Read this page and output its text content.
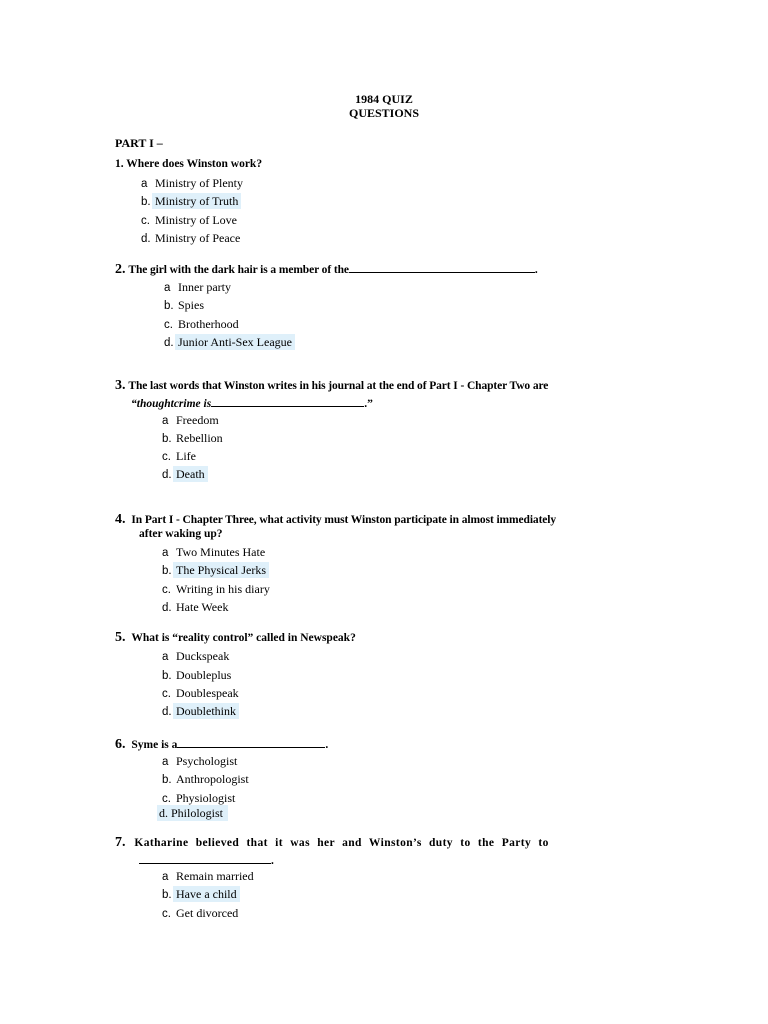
1984 QUIZ
QUESTIONS
PART I –
1. Where does Winston work?
a Ministry of Plenty
b. Ministry of Truth
c. Ministry of Love
d. Ministry of Peace
2. The girl with the dark hair is a member of the	.
a Inner party
b. Spies
c. Brotherhood
d. Junior Anti-Sex League
3. The last words that Winston writes in his journal at the end of Part I - Chapter Two are
“thoughtcrime is	.”
a Freedom
b. Rebellion
c. Life
d. Death
4. In Part I - Chapter Three, what activity must Winston participate in almost immediately
after waking up?
a Two Minutes Hate
b. The Physical Jerks
c. Writing in his diary
d. Hate Week
5. What is “reality control” called in Newspeak?
a Duckspeak
b. Doubleplus
c. Doublespeak
d. Doublethink
6. Syme is a	.
a Psychologist
b. Anthropologist
c. Physiologist
d. Philologist
7. Katharine believed that it was her and Winston’s duty to the Party to
.
a Remain married
b. Have a child
c. Get divorced
